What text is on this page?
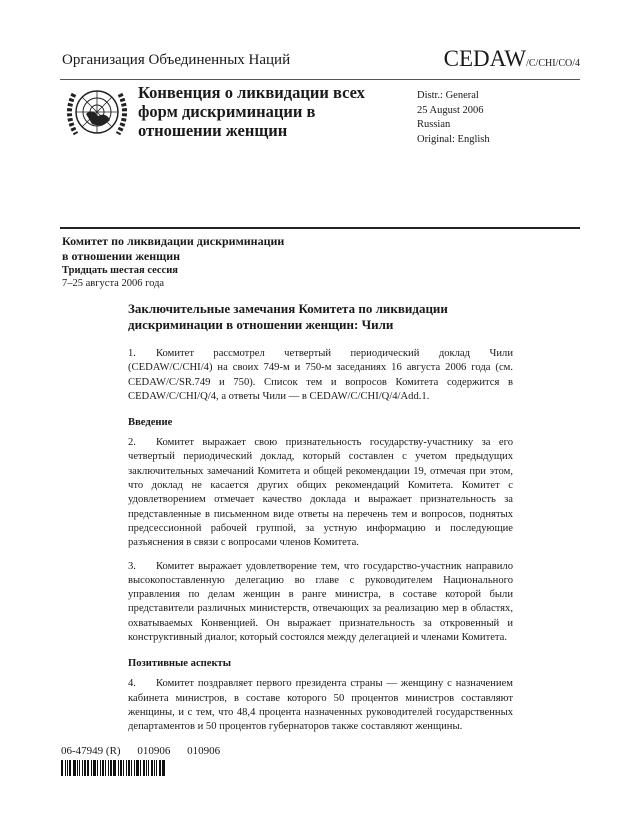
Организация Объединенных Наций	CEDAW/C/CHI/CO/4
Конвенция о ликвидации всех форм дискриминации в отношении женщин
Distr.: General
25 August 2006
Russian
Original: English
Комитет по ликвидации дискриминации
в отношении женщин
Тридцать шестая сессия
7–25 августа 2006 года
Заключительные замечания Комитета по ликвидации дискриминации в отношении женщин: Чили

1. Комитет рассмотрел четвертый периодический доклад Чили (CEDAW/C/CHI/4) на своих 749-м и 750-м заседаниях 16 августа 2006 года (см. CEDAW/C/SR.749 и 750). Список тем и вопросов Комитета содержится в CEDAW/C/CHI/Q/4, а ответы Чили — в CEDAW/C/CHI/Q/4/Add.1.

Введение

2. Комитет выражает свою признательность государству-участнику за его четвертый периодический доклад, который составлен с учетом предыдущих заключительных замечаний Комитета и общей рекомендации 19, отмечая при этом, что доклад не касается других общих рекомендаций Комитета. Комитет с удовлетворением отмечает качество доклада и выражает признательность за представленные в письменном виде ответы на перечень тем и вопросов, поднятых предсессионной рабочей группой, за устную информацию и последующие разъяснения в связи с вопросами членов Комитета.

3. Комитет выражает удовлетворение тем, что государство-участник направило высокопоставленную делегацию во главе с руководителем Национального управления по делам женщин в ранге министра, в составе которой были представители различных министерств, отвечающих за реализацию мер в областях, охватываемых Конвенцией. Он выражает признательность за откровенный и конструктивный диалог, который состоялся между делегацией и членами Комитета.

Позитивные аспекты

4. Комитет поздравляет первого президента страны — женщину с назначением кабинета министров, в составе которого 50 процентов министров составляют женщины, и с тем, что 48,4 процента назначенных руководителей государственных департаментов и 50 процентов губернаторов также составляют женщины.

06-47949 (R) 010906 010906
